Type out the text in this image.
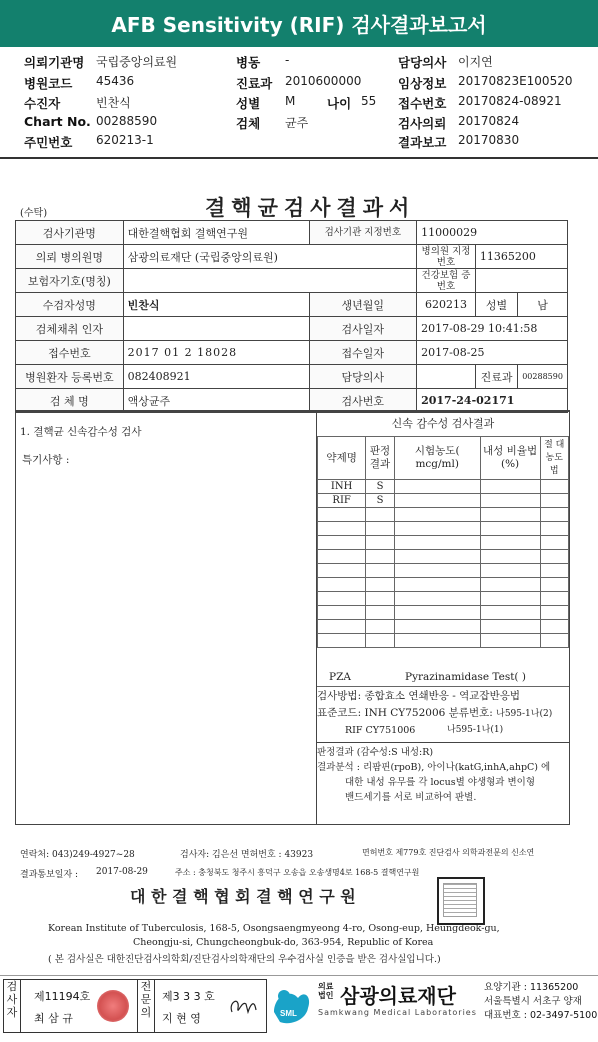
AFB Sensitivity (RIF) 검사결과보고서
의뢰기관명 국립중앙의료원	병동 -	담당의사 이지연
병원코드 45436	진료과 2010600000	임상정보 20170823E100520
수진자	빈찬식	성별 M	나이 55 접수번호 20170824-08921
Chart No. 00288590	검체 균주	검사의뢰 20170824
주민번호 620213-1	결과보고 20170830
(수탁)	결핵균검사결과서
검사기관명	대한결핵협회 결핵연구원	검사기관 지정번호	11000029		
의뢰 병의원명	삼광의료재단 (국립중앙의료원)		병의원 지정번호	11365200	
보험자기호(명칭)			건강보험 증번호		
수검자성명	빈찬식	생년월일	620213	성별	남
검체채취 인자		검사일자	2017-08-29 10:41:58		
접수번호	2017 01 2 18028	접수일자	2017-08-25		
병원환자 등록번호	082408921	담당의사		진료과	00288590
검 체 명	액상균주	검사번호	2017-24-02171		
1. 결핵균 신속감수성 검사
특기사항 :
신속 감수성 검사결과
약제명	판정 결과	시험농도( mcg/ml)	내성 비율법(%)	절 대농도 법
INH	S			
RIF	S			

PZA	Pyrazinamidase Test( )
검사방법: 종합효소 연쇄반응 - 역교잡반응법
표준코드: INH CY752006 분류번호: 나595-1나(2)
RIF CY751006	나595-1나(1)
판정결과 (감수성:S 내성:R)
결과분석 : 리팜핀(rpoB), 아이나(katG,inhA,ahpC) 에
대한 내성 유무를 각 locus별 야생형과 변이형
밴드세기를 서로 비교하여 판별.
연락처: 043)249-4927~28	검사자: 김은선 면허번호 : 43923	면허번호 제779호 진단검사 의학과전문의 신소연
결과통보일자 : 2017-08-29	주소 : 충청북도 청주시 흥덕구 오송읍 오송생명4로 168-5 결핵연구원
대 한 결 핵 협 회 결 핵 연 구 원
Korean Institute of Tuberculosis, 168-5, Osongsaengmyeong 4-ro, Osong-eup, Heungdeok-gu,
Cheongju-si, Chungcheongbuk-do, 363-954, Republic of Korea
( 본 검사실은 대한진단검사의학회/진단검사의학재단의 우수검사실 인증을 받은 검사실입니다.)
검사자
제11194호
최 삼 규
전문의
제3 3 3 호
지 현 영	SML
의료 법인 삼광의료재단
Samkwang Medical Laboratories
요양기관 : 11365200
서울특별시 서초구 양재
대표번호 : 02-3497-5100
